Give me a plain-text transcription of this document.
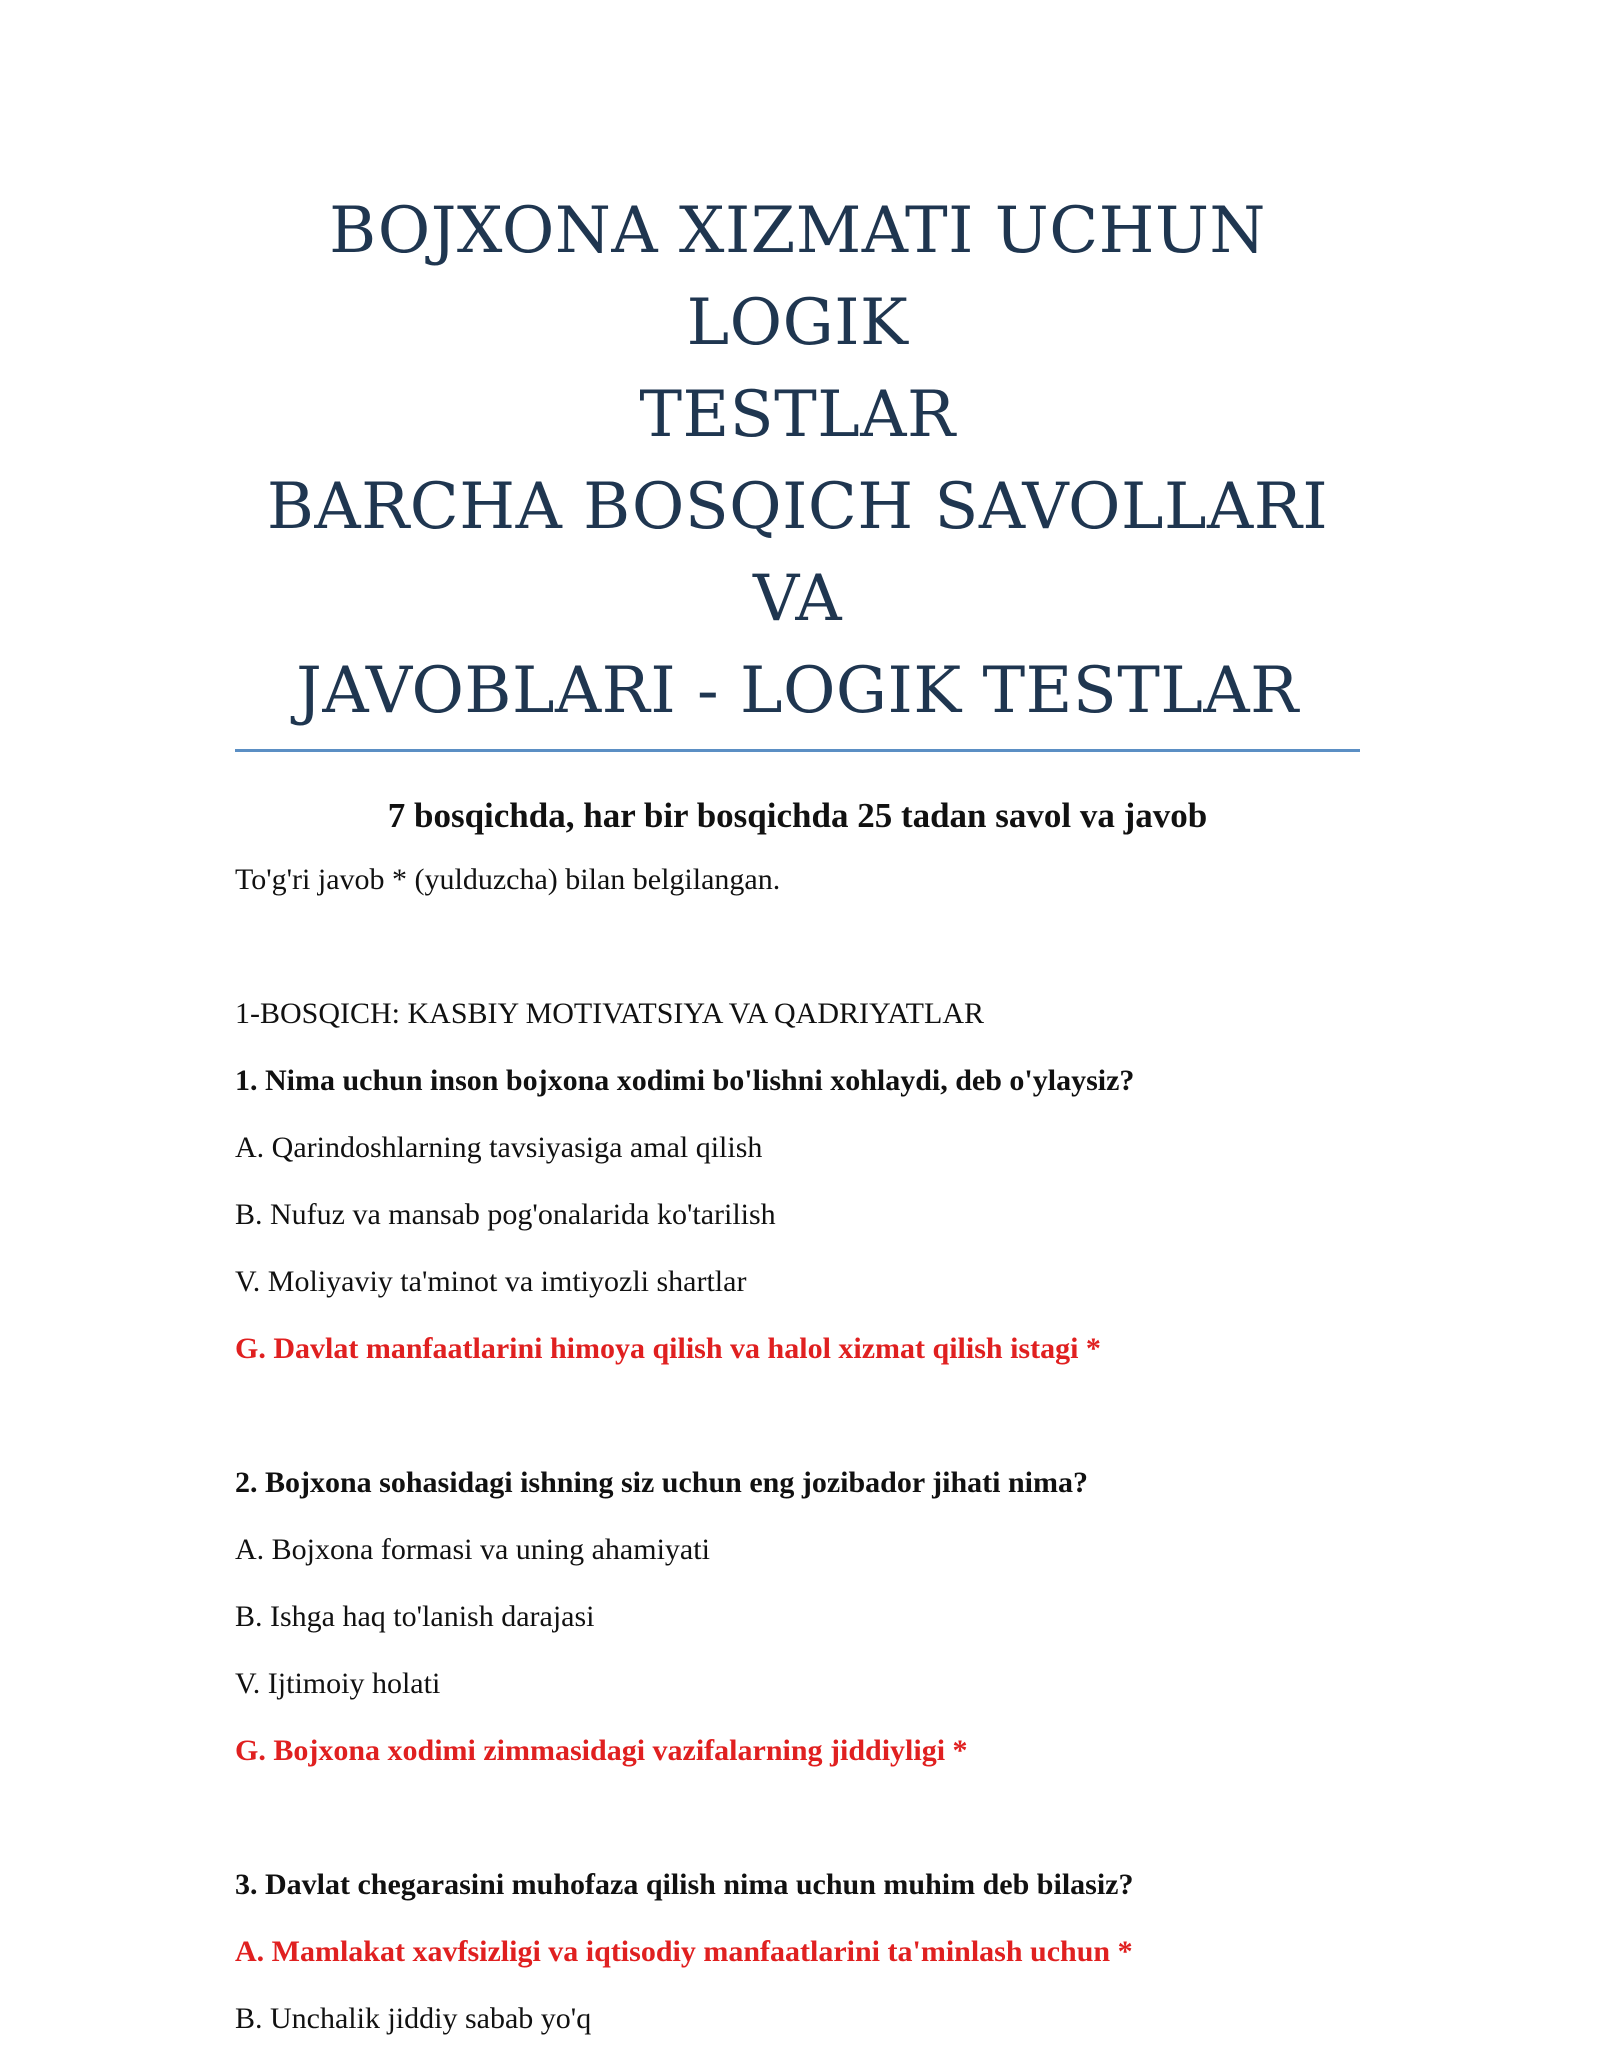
BOJXONA XIZMATI UCHUN LOGIK
TESTLAR
BARCHA BOSQICH SAVOLLARI VA
JAVOBLARI - LOGIK TESTLAR

7 bosqichda, har bir bosqichda 25 tadan savol va javob

To'g'ri javob * (yulduzcha) bilan belgilangan.

1-BOSQICH: KASBIY MOTIVATSIYA VA QADRIYATLAR

1. Nima uchun inson bojxona xodimi bo'lishni xohlaydi, deb o'ylaysiz?

A. Qarindoshlarning tavsiyasiga amal qilish

B. Nufuz va mansab pog'onalarida ko'tarilish

V. Moliyaviy ta'minot va imtiyozli shartlar

G. Davlat manfaatlarini himoya qilish va halol xizmat qilish istagi *

2. Bojxona sohasidagi ishning siz uchun eng jozibador jihati nima?

A. Bojxona formasi va uning ahamiyati

B. Ishga haq to'lanish darajasi

V. Ijtimoiy holati

G. Bojxona xodimi zimmasidagi vazifalarning jiddiyligi *

3. Davlat chegarasini muhofaza qilish nima uchun muhim deb bilasiz?

A. Mamlakat xavfsizligi va iqtisodiy manfaatlarini ta'minlash uchun *

B. Unchalik jiddiy sabab yo'q
